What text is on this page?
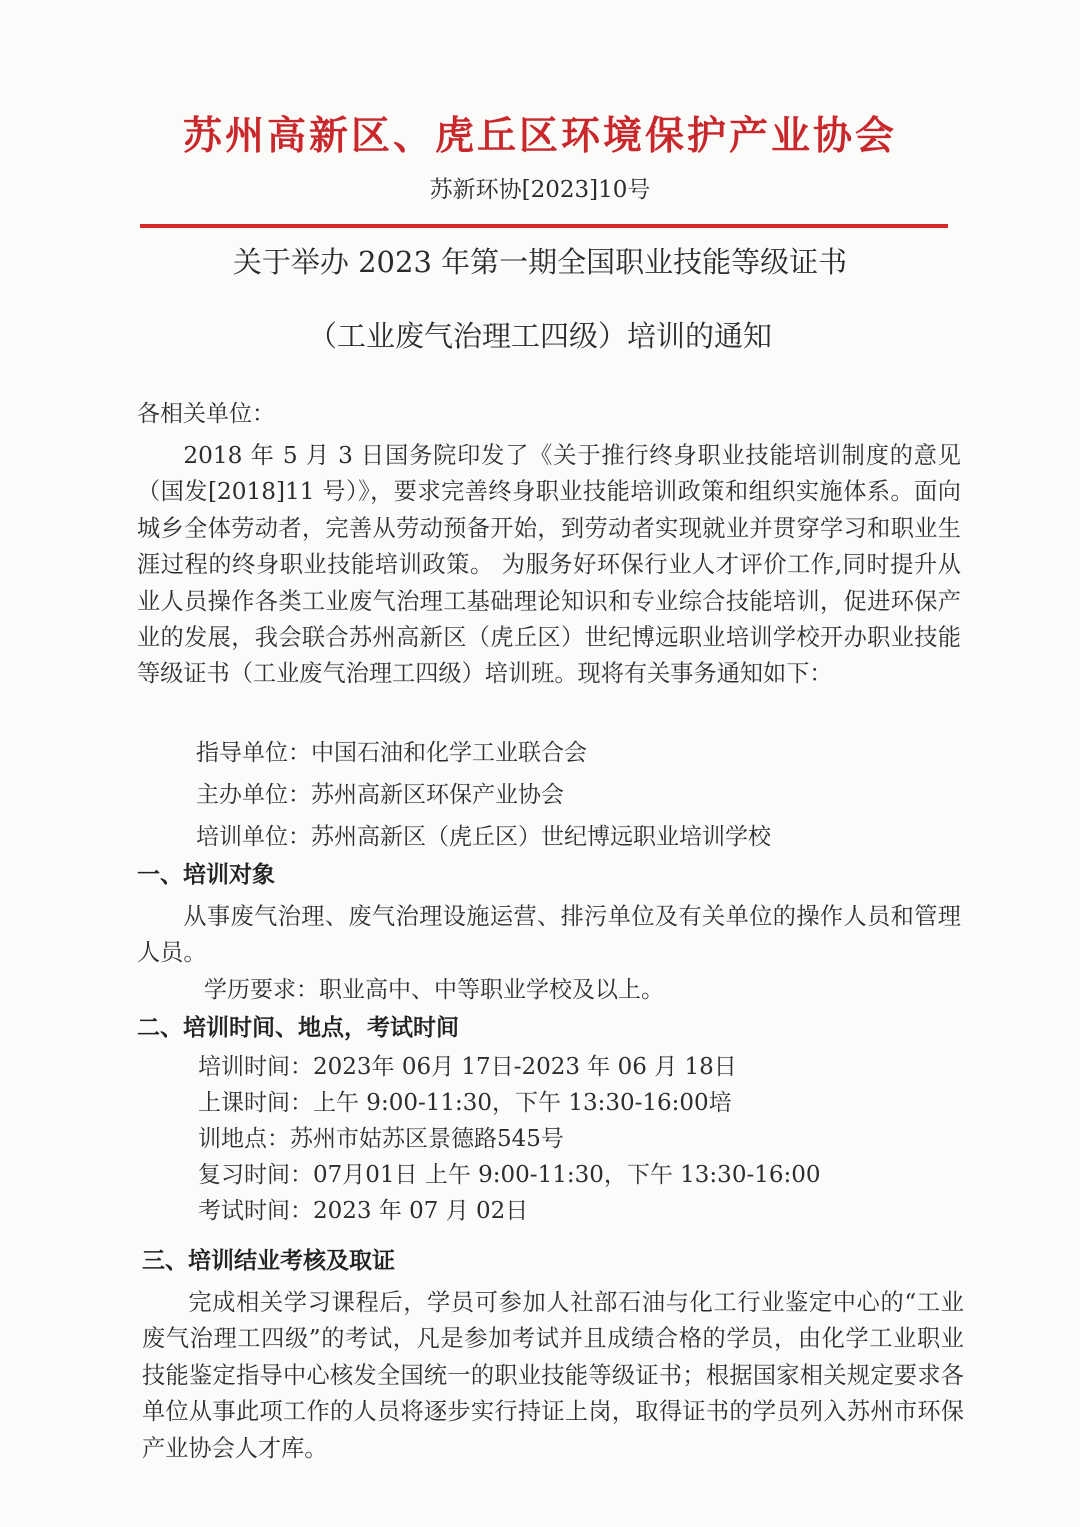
苏州高新区、虎丘区环境保护产业协会
苏新环协[2023]10号
关于举办 2023 年第一期全国职业技能等级证书
（工业废气治理工四级）培训的通知
各相关单位：
2018 年 5 月 3 日国务院印发了《关于推行终身职业技能培训制度的意见（国发[2018]11 号）》，要求完善终身职业技能培训政策和组织实施体系。面向城乡全体劳动者，完善从劳动预备开始，到劳动者实现就业并贯穿学习和职业生涯过程的终身职业技能培训政策。 为服务好环保行业人才评价工作,同时提升从业人员操作各类工业废气治理工基础理论知识和专业综合技能培训，促进环保产业的发展，我会联合苏州高新区（虎丘区）世纪博远职业培训学校开办职业技能等级证书（工业废气治理工四级）培训班。现将有关事务通知如下：
指导单位：中国石油和化学工业联合会
主办单位：苏州高新区环保产业协会
培训单位：苏州高新区（虎丘区）世纪博远职业培训学校
一、培训对象
从事废气治理、废气治理设施运营、排污单位及有关单位的操作人员和管理人员。
学历要求：职业高中、中等职业学校及以上。
二、培训时间、地点，考试时间
培训时间：2023年 06月 17日-2023 年 06 月 18日
上课时间：上午 9:00-11:30，下午 13:30-16:00培
训地点：苏州市姑苏区景德路545号
复习时间：07月01日 上午 9:00-11:30，下午 13:30-16:00
考试时间：2023 年 07 月 02日
三、培训结业考核及取证
完成相关学习课程后，学员可参加人社部石油与化工行业鉴定中心的“工业废气治理工四级”的考试，凡是参加考试并且成绩合格的学员，由化学工业职业技能鉴定指导中心核发全国统一的职业技能等级证书；根据国家相关规定要求各单位从事此项工作的人员将逐步实行持证上岗，取得证书的学员列入苏州市环保产业协会人才库。
